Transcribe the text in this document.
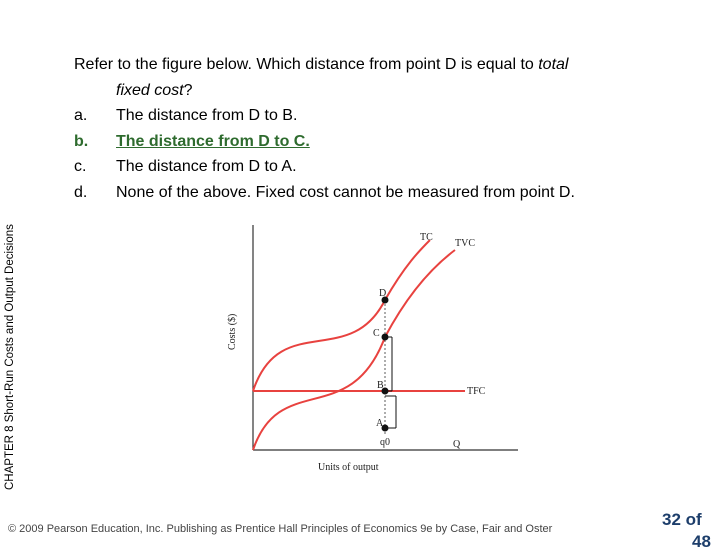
CHAPTER 8 Short-Run Costs and Output Decisions
Refer to the figure below. Which distance from point D is equal to total
fixed cost?
a.	The distance from D to B.
b.	The distance from D to C.
c.	The distance from D to A.
d.	None of the above. Fixed cost cannot be measured from point D.
TC
TVC
TFC
D
C
B
A
q0	Q
Units of output
Costs ($)
© 2009 Pearson Education, Inc. Publishing as Prentice Hall Principles of Economics 9e by Case, Fair and Oster	32 of
48
